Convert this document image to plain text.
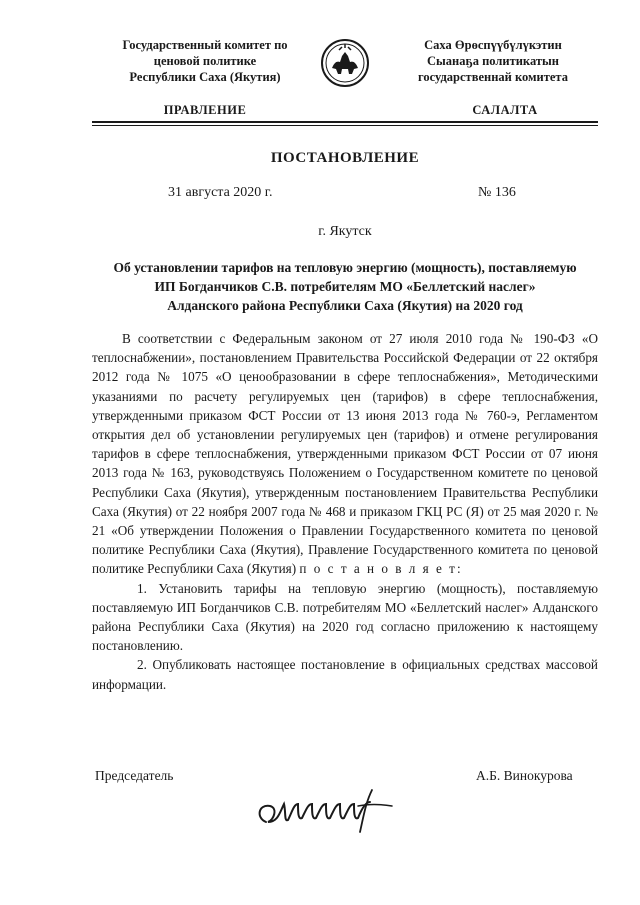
Государственный комитет по
ценовой политике
Республики Саха (Якутия)
Саха Өрөспүүбүлүкэтин
Сыанаҕа политикатын
государственнай комитета
ПРАВЛЕНИЕ	САЛАЛТА
ПОСТАНОВЛЕНИЕ
31 августа 2020 г.	№ 136
г. Якутск
Об установлении тарифов на тепловую энергию (мощность), поставляемую
ИП Богданчиков С.В. потребителям МО «Беллетский наслег»
Алданского района Республики Саха (Якутия) на 2020 год

В соответствии с Федеральным законом от 27 июля 2010 года № 190-ФЗ «О теплоснабжении», постановлением Правительства Российской Федерации от 22 октября 2012 года № 1075 «О ценообразовании в сфере теплоснабжения», Методическими указаниями по расчету регулируемых цен (тарифов) в сфере теплоснабжения, утвержденными приказом ФСТ России от 13 июня 2013 года № 760-э, Регламентом открытия дел об установлении регулируемых цен (тарифов) и отмене регулирования тарифов в сфере теплоснабжения, утвержденными приказом ФСТ России от 07 июня 2013 года № 163, руководствуясь Положением о Государственном комитете по ценовой Республики Саха (Якутия), утвержденным постановлением Правительства Республики Саха (Якутия) от 22 ноября 2007 года № 468 и приказом ГКЦ РС (Я) от 25 мая 2020 г. № 21 «Об утверждении Положения о Правлении Государственного комитета по ценовой политике Республики Саха (Якутия), Правление Государственного комитета по ценовой политике Республики Саха (Якутия) п о с т а н о в л я е т:

1. Установить тарифы на тепловую энергию (мощность), поставляемую поставляемую ИП Богданчиков С.В. потребителям МО «Беллетский наслег» Алданского района Республики Саха (Якутия) на 2020 год согласно приложению к настоящему постановлению.

2. Опубликовать настоящее постановление в официальных средствах массовой информации.

Председатель	А.Б. Винокурова
